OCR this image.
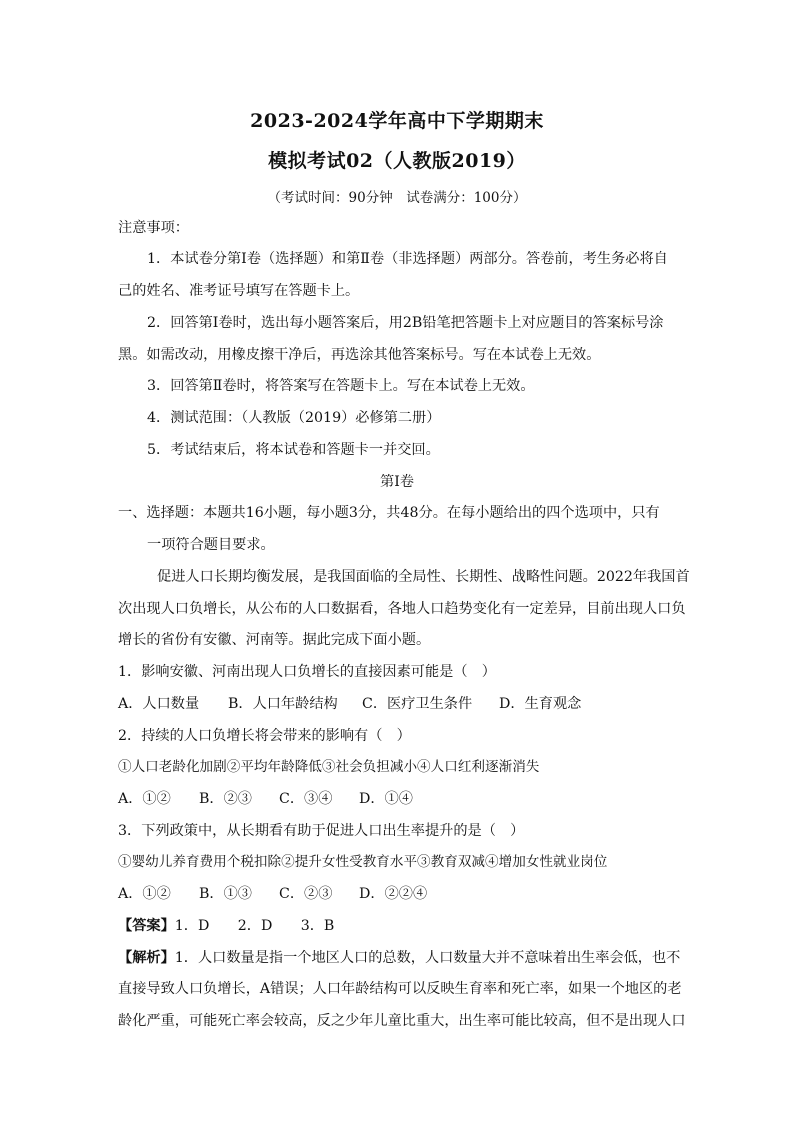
2023-2024学年高中下学期期末
模拟考试02（人教版2019）
（考试时间：90分钟　试卷满分：100分）
注意事项：
1．本试卷分第Ⅰ卷（选择题）和第Ⅱ卷（非选择题）两部分。答卷前，考生务必将自
己的姓名、准考证号填写在答题卡上。
2．回答第Ⅰ卷时，选出每小题答案后，用2B铅笔把答题卡上对应题目的答案标号涂
黑。如需改动，用橡皮擦干净后，再选涂其他答案标号。写在本试卷上无效。
3．回答第Ⅱ卷时，将答案写在答题卡上。写在本试卷上无效。
4．测试范围：（人教版（2019）必修第二册）
5．考试结束后，将本试卷和答题卡一并交回。
第Ⅰ卷
一、选择题：本题共16小题，每小题3分，共48分。在每小题给出的四个选项中，只有
一项符合题目要求。
促进人口长期均衡发展，是我国面临的全局性、长期性、战略性问题。2022年我国首
次出现人口负增长，从公布的人口数据看，各地人口趋势变化有一定差异，目前出现人口负
增长的省份有安徽、河南等。据此完成下面小题。
1．影响安徽、河南出现人口负增长的直接因素可能是（　）
A．人口数量 B．人口年龄结构 C．医疗卫生条件 D．生育观念
2．持续的人口负增长将会带来的影响有（　）
①人口老龄化加剧②平均年龄降低③社会负担减小④人口红利逐渐消失
A．①② B．②③ C．③④ D．①④
3．下列政策中，从长期看有助于促进人口出生率提升的是（　）
①婴幼儿养育费用个税扣除②提升女性受教育水平③教育双减④增加女性就业岗位
A．①② B．①③ C．②③ D．②②④
【答案】1．D　　2．D　　3．B
【解析】1．人口数量是指一个地区人口的总数，人口数量大并不意味着出生率会低，也不
直接导致人口负增长，A错误；人口年龄结构可以反映生育率和死亡率，如果一个地区的老
龄化严重，可能死亡率会较高，反之少年儿童比重大，出生率可能比较高，但不是出现人口
